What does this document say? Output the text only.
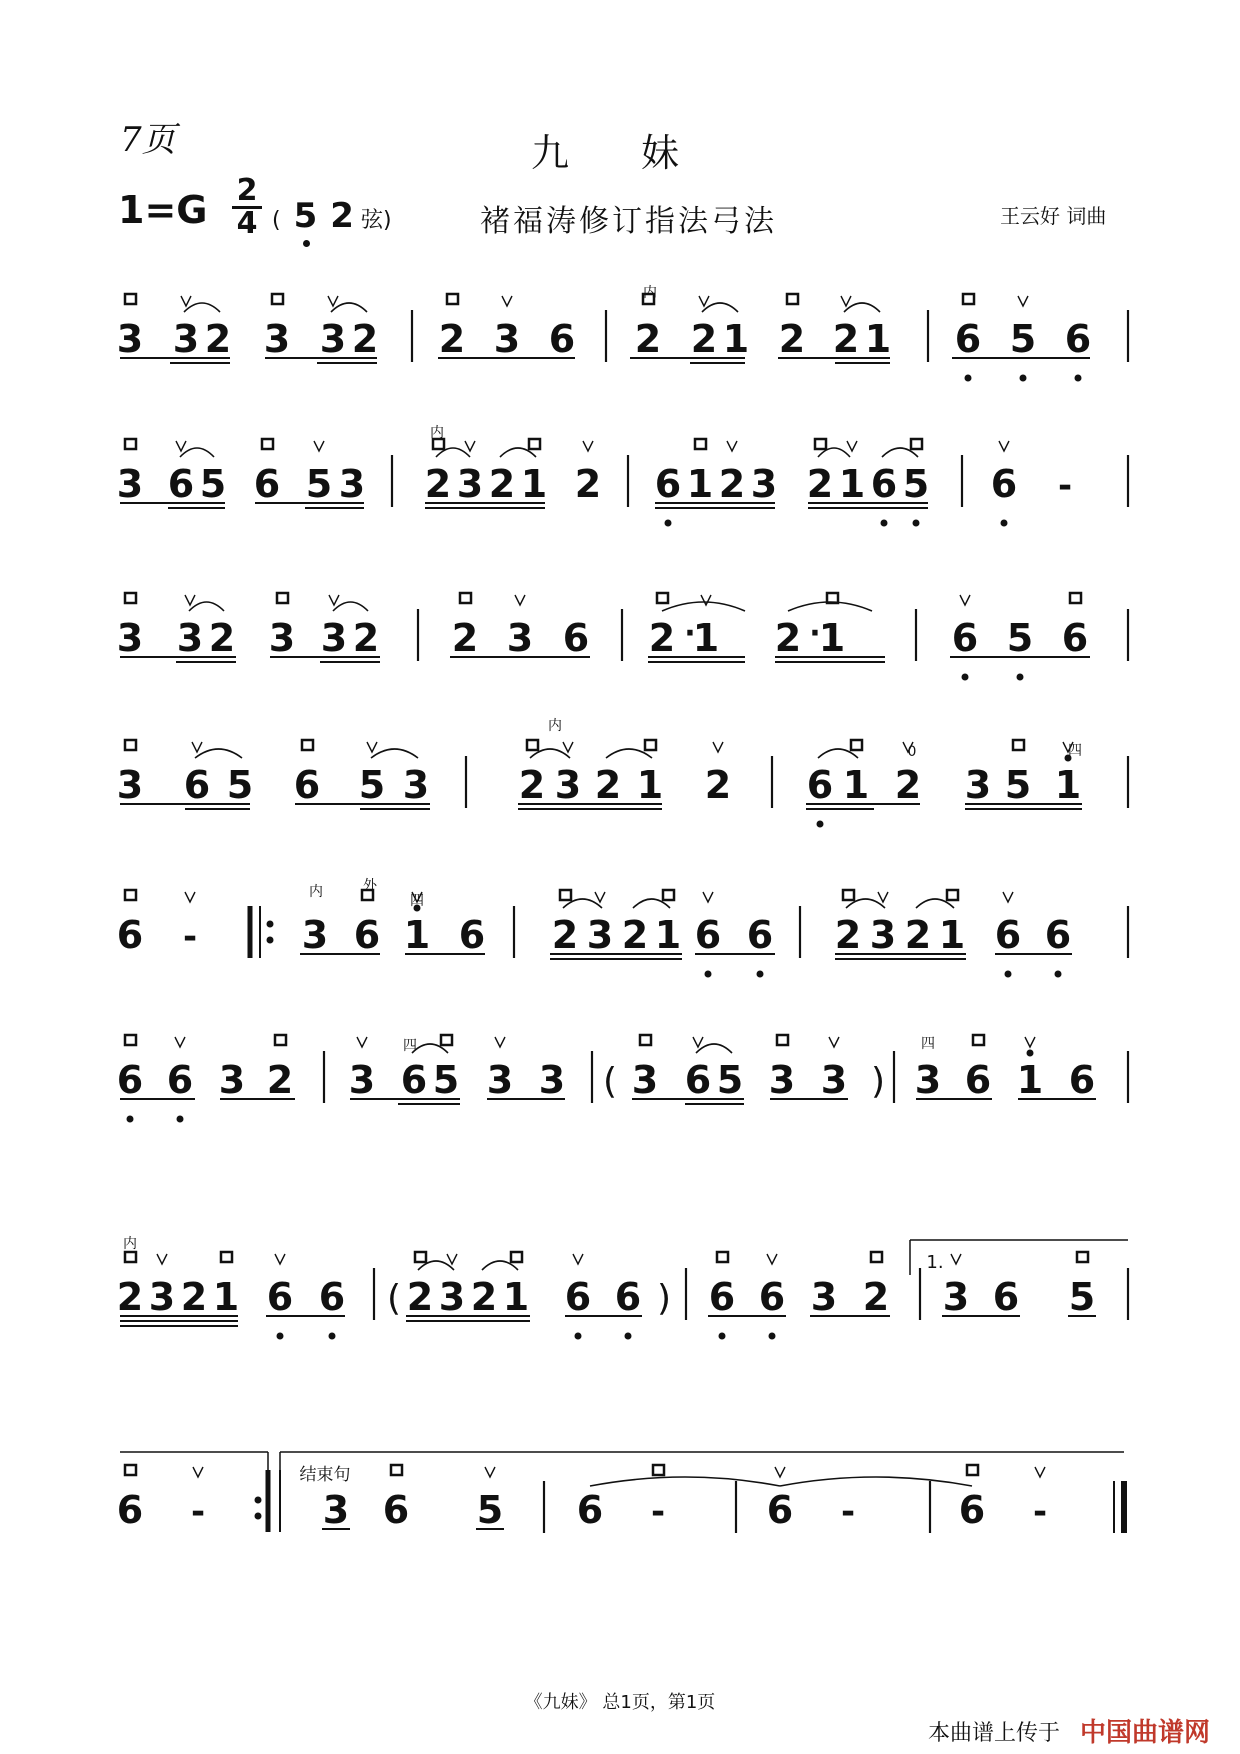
7页	九 妹
1=G 2
4 ( 5 2 弦)	褚福涛修订指法弓法	王云好 词曲
3 3 2 3 3 2 2 3 6 2 2 1 2 2 1 6 5 6
3 6 5 6 5 3 2 3 2 1 2 6 1 2 3 2 1 6 5 6 -
3 3 2 3 3 2 2 3 6 2 1 2 1	6 5 6
3 6 5 6 5 3 2 3 2 1 2 6 1 2 3 5 1
6 -	3 6 1 6 2 3 2 1 6 6 2 3 2 1 6 6
6 6 3 2 3 6 5 3 3 3 6 5 3 3 3 6 1 6
(	)
2 3 2 1 6 6 2 3 2 1 6 6 6 6 3 2 3 6 5
(	)
6 -	3 6 5 6 -	6 -	6 -
·	·
1.
结束句
内
内
内
内
内
外
四
四
四
四
0
《九妹》 总1页，第1页
本曲谱上传于 中国曲谱网
